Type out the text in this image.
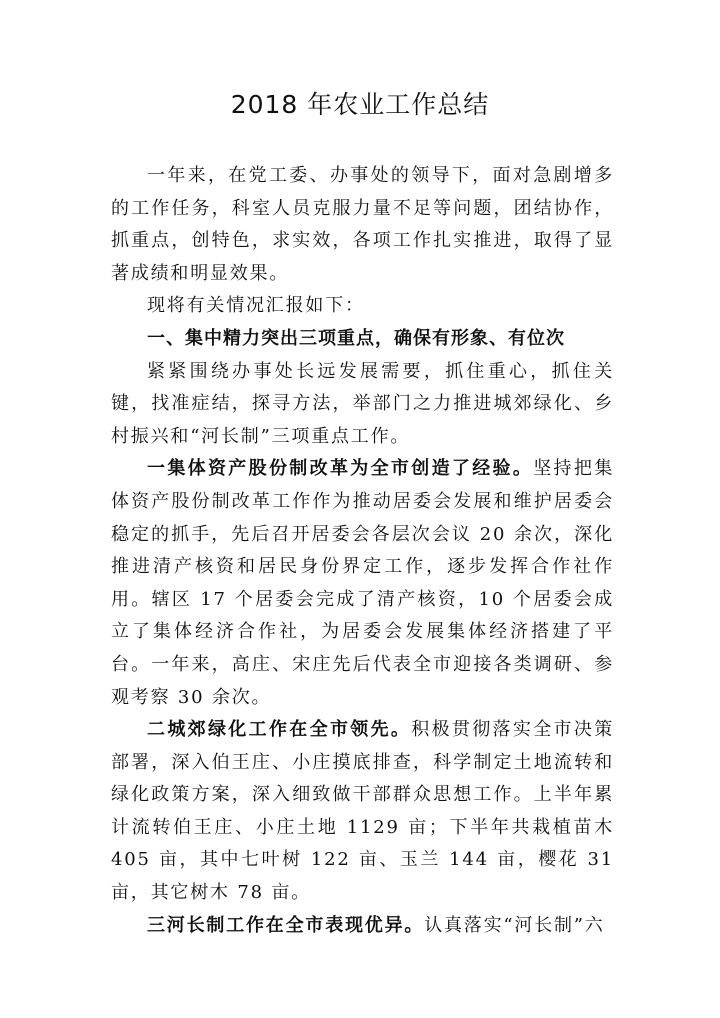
2018 年农业工作总结

一年来，在党工委、办事处的领导下，面对急剧增多的工作任务，科室人员克服力量不足等问题，团结协作，抓重点，创特色，求实效，各项工作扎实推进，取得了显著成绩和明显效果。

现将有关情况汇报如下：

一、集中精力突出三项重点，确保有形象、有位次

紧紧围绕办事处长远发展需要，抓住重心，抓住关键，找准症结，探寻方法，举部门之力推进城郊绿化、乡村振兴和“河长制”三项重点工作。

一集体资产股份制改革为全市创造了经验。坚持把集体资产股份制改革工作作为推动居委会发展和维护居委会稳定的抓手，先后召开居委会各层次会议 20 余次，深化推进清产核资和居民身份界定工作，逐步发挥合作社作用。辖区 17 个居委会完成了清产核资，10 个居委会成立了集体经济合作社，为居委会发展集体经济搭建了平台。一年来，高庄、宋庄先后代表全市迎接各类调研、参观考察 30 余次。

二城郊绿化工作在全市领先。积极贯彻落实全市决策部署，深入伯王庄、小庄摸底排查，科学制定土地流转和绿化政策方案，深入细致做干部群众思想工作。上半年累计流转伯王庄、小庄土地 1129 亩；下半年共栽植苗木 405 亩，其中七叶树 122 亩、玉兰 144 亩，樱花 31 亩，其它树木 78 亩。

三河长制工作在全市表现优异。认真落实“河长制”六
